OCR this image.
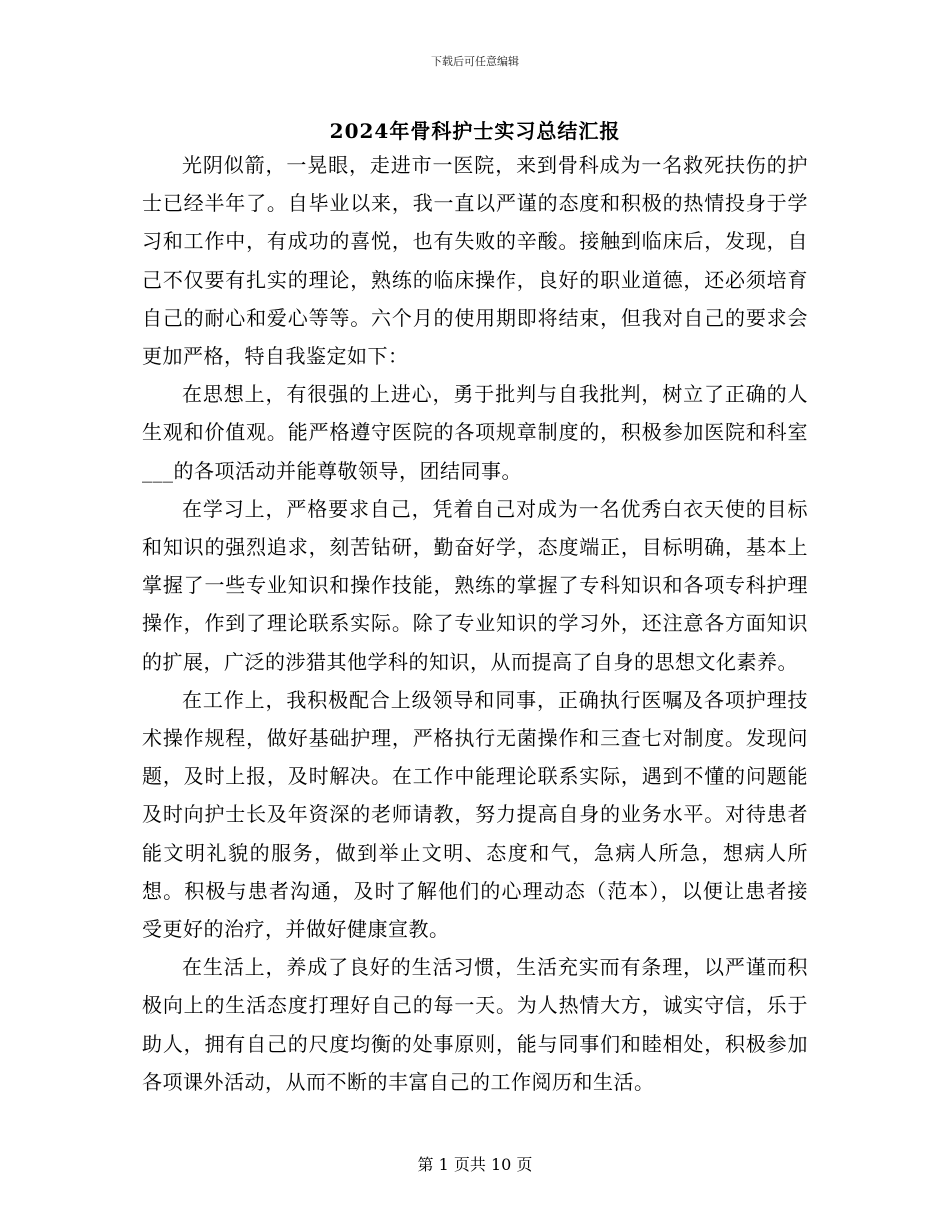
下载后可任意编辑
2024年骨科护士实习总结汇报

光阴似箭，一晃眼，走进市一医院，来到骨科成为一名救死扶伤的护士已经半年了。自毕业以来，我一直以严谨的态度和积极的热情投身于学习和工作中，有成功的喜悦，也有失败的辛酸。接触到临床后，发现，自己不仅要有扎实的理论，熟练的临床操作，良好的职业道德，还必须培育自己的耐心和爱心等等。六个月的使用期即将结束，但我对自己的要求会更加严格，特自我鉴定如下：

在思想上，有很强的上进心，勇于批判与自我批判，树立了正确的人生观和价值观。能严格遵守医院的各项规章制度的，积极参加医院和科室___的各项活动并能尊敬领导，团结同事。

在学习上，严格要求自己，凭着自己对成为一名优秀白衣天使的目标和知识的强烈追求，刻苦钻研，勤奋好学，态度端正，目标明确，基本上掌握了一些专业知识和操作技能，熟练的掌握了专科知识和各项专科护理操作，作到了理论联系实际。除了专业知识的学习外，还注意各方面知识的扩展，广泛的涉猎其他学科的知识，从而提高了自身的思想文化素养。

在工作上，我积极配合上级领导和同事，正确执行医嘱及各项护理技术操作规程，做好基础护理，严格执行无菌操作和三查七对制度。发现问题，及时上报，及时解决。在工作中能理论联系实际，遇到不懂的问题能及时向护士长及年资深的老师请教，努力提高自身的业务水平。对待患者能文明礼貌的服务，做到举止文明、态度和气，急病人所急，想病人所想。积极与患者沟通，及时了解他们的心理动态（范本），以便让患者接受更好的治疗，并做好健康宣教。

在生活上，养成了良好的生活习惯，生活充实而有条理，以严谨而积极向上的生活态度打理好自己的每一天。为人热情大方，诚实守信，乐于助人，拥有自己的尺度均衡的处事原则，能与同事们和睦相处，积极参加各项课外活动，从而不断的丰富自己的工作阅历和生活。

第 1 页共 10 页
